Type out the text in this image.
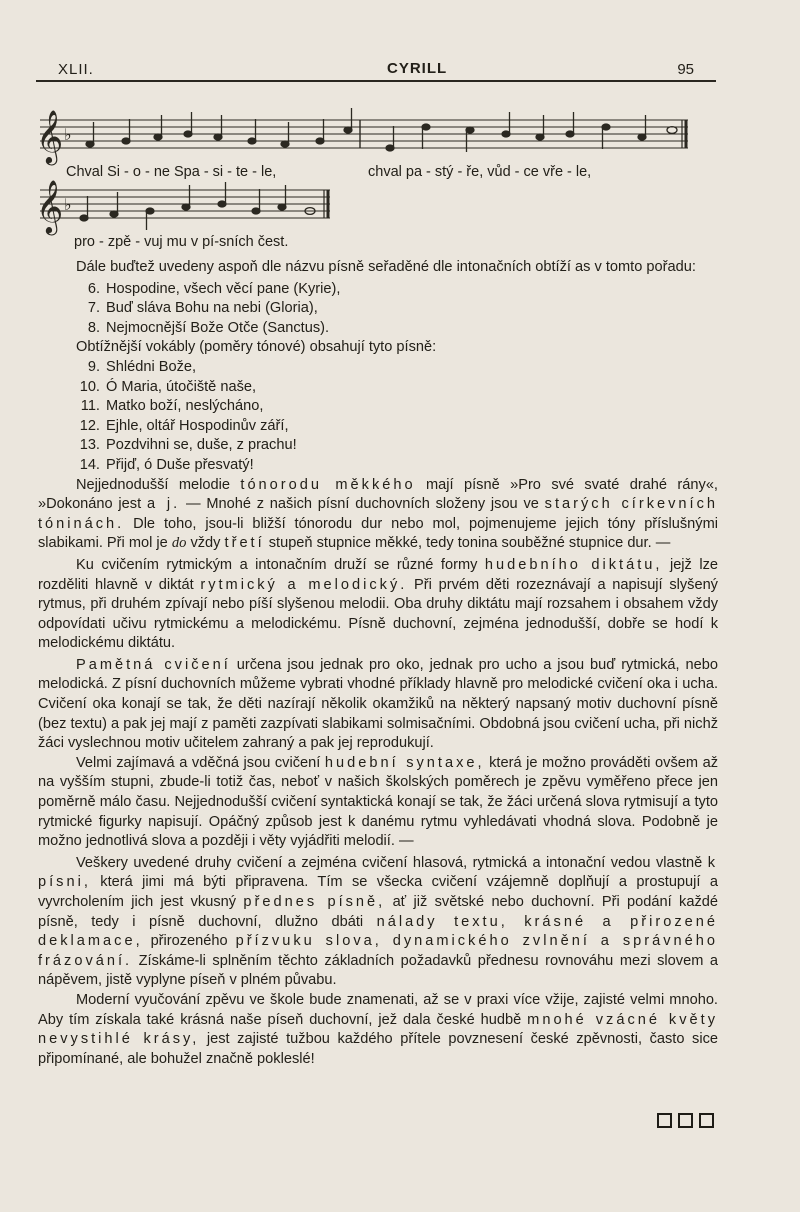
XLII.	CYRILL	95
𝄞 ♭
Chval Si - o - ne Spa - si - te - le,	chval pa - stý - ře, vůd - ce vře - le,
𝄞 ♭
pro - zpě - vuj mu v pí-sních čest.

Dále buďtež uvedeny aspoň dle názvu písně seřaděné dle intonačních obtíží as v tomto pořadu:

6. Hospodine, všech věcí pane (Kyrie),

7. Buď sláva Bohu na nebi (Gloria),

8. Nejmocnější Bože Otče (Sanctus).

Obtížnější vokábly (poměry tónové) obsahují tyto písně:

9. Shlédni Bože,

10. Ó Maria, útočiště naše,

11. Matko boží, neslýcháno,

12. Ejhle, oltář Hospodinův září,

13. Pozdvihni se, duše, z prachu!

14. Přijď, ó Duše přesvatý!

Nejjednodušší melodie tónorodu měkkého mají písně »Pro své svaté drahé rány«, »Dokonáno jest a j. — Mnohé z našich písní duchovních složeny jsou ve starých církevních tóninách. Dle toho, jsou-li bližší tónorodu dur nebo mol, pojmenujeme jejich tóny příslušnými slabikami. Při mol je do vždy třetí stupeň stupnice měkké, tedy tonina souběžné stupnice dur. —

Ku cvičením rytmickým a intonačním druží se různé formy hudebního diktátu, jejž lze rozděliti hlavně v diktát rytmický a melodický. Při prvém děti rozeznávají a napisují slyšený rytmus, při druhém zpívají nebo píší slyšenou melodii. Oba druhy diktátu mají rozsahem i obsahem vždy odpovídati učivu rytmickému a melodickému. Písně duchovní, zejména jednodušší, dobře se hodí k melodickému diktátu.

Pamětná cvičení určena jsou jednak pro oko, jednak pro ucho a jsou buď rytmická, nebo melodická. Z písní duchovních můžeme vybrati vhodné příklady hlavně pro melodické cvičení oka i ucha. Cvičení oka konají se tak, že děti nazírají několik okamžiků na některý napsaný motiv duchovní písně (bez textu) a pak jej mají z paměti zazpívati slabikami solmisačními. Obdobná jsou cvičení ucha, při nichž žáci vyslechnou motiv učitelem zahraný a pak jej reprodukují.

Velmi zajímavá a vděčná jsou cvičení hudební syntaxe, která je možno prováděti ovšem až na vyšším stupni, zbude-li totiž čas, neboť v našich školských poměrech je zpěvu vyměřeno přece jen poměrně málo času. Nejjednodušší cvičení syntaktická konají se tak, že žáci určená slova rytmisují a tyto rytmické figurky napisují. Opáčný způsob jest k danému rytmu vyhledávati vhodná slova. Podobně je možno jednotlivá slova a později i věty vyjádřiti melodií. —

Veškery uvedené druhy cvičení a zejména cvičení hlasová, rytmická a intonační vedou vlastně k písni, která jimi má býti připravena. Tím se všecka cvičení vzájemně doplňují a prostupují a vyvrcholením jich jest vkusný přednes písně, ať již světské nebo duchovní. Při podání každé písně, tedy i písně duchovní, dlužno dbáti nálady textu, krásné a přirozené deklamace, přirozeného přízvuku slova, dynamického zvlnění a správného frázování. Získáme-li splněním těchto základních požadavků přednesu rovnováhu mezi slovem a nápěvem, jistě vyplyne píseň v plném půvabu.

Moderní vyučování zpěvu ve škole bude znamenati, až se v praxi více vžije, zajisté velmi mnoho. Aby tím získala také krásná naše píseň duchovní, jež dala české hudbě mnohé vzácné květy nevystihlé krásy, jest zajisté tužbou každého přítele povznesení české zpěvnosti, často sice připomínané, ale bohužel značně poklesléǃ
